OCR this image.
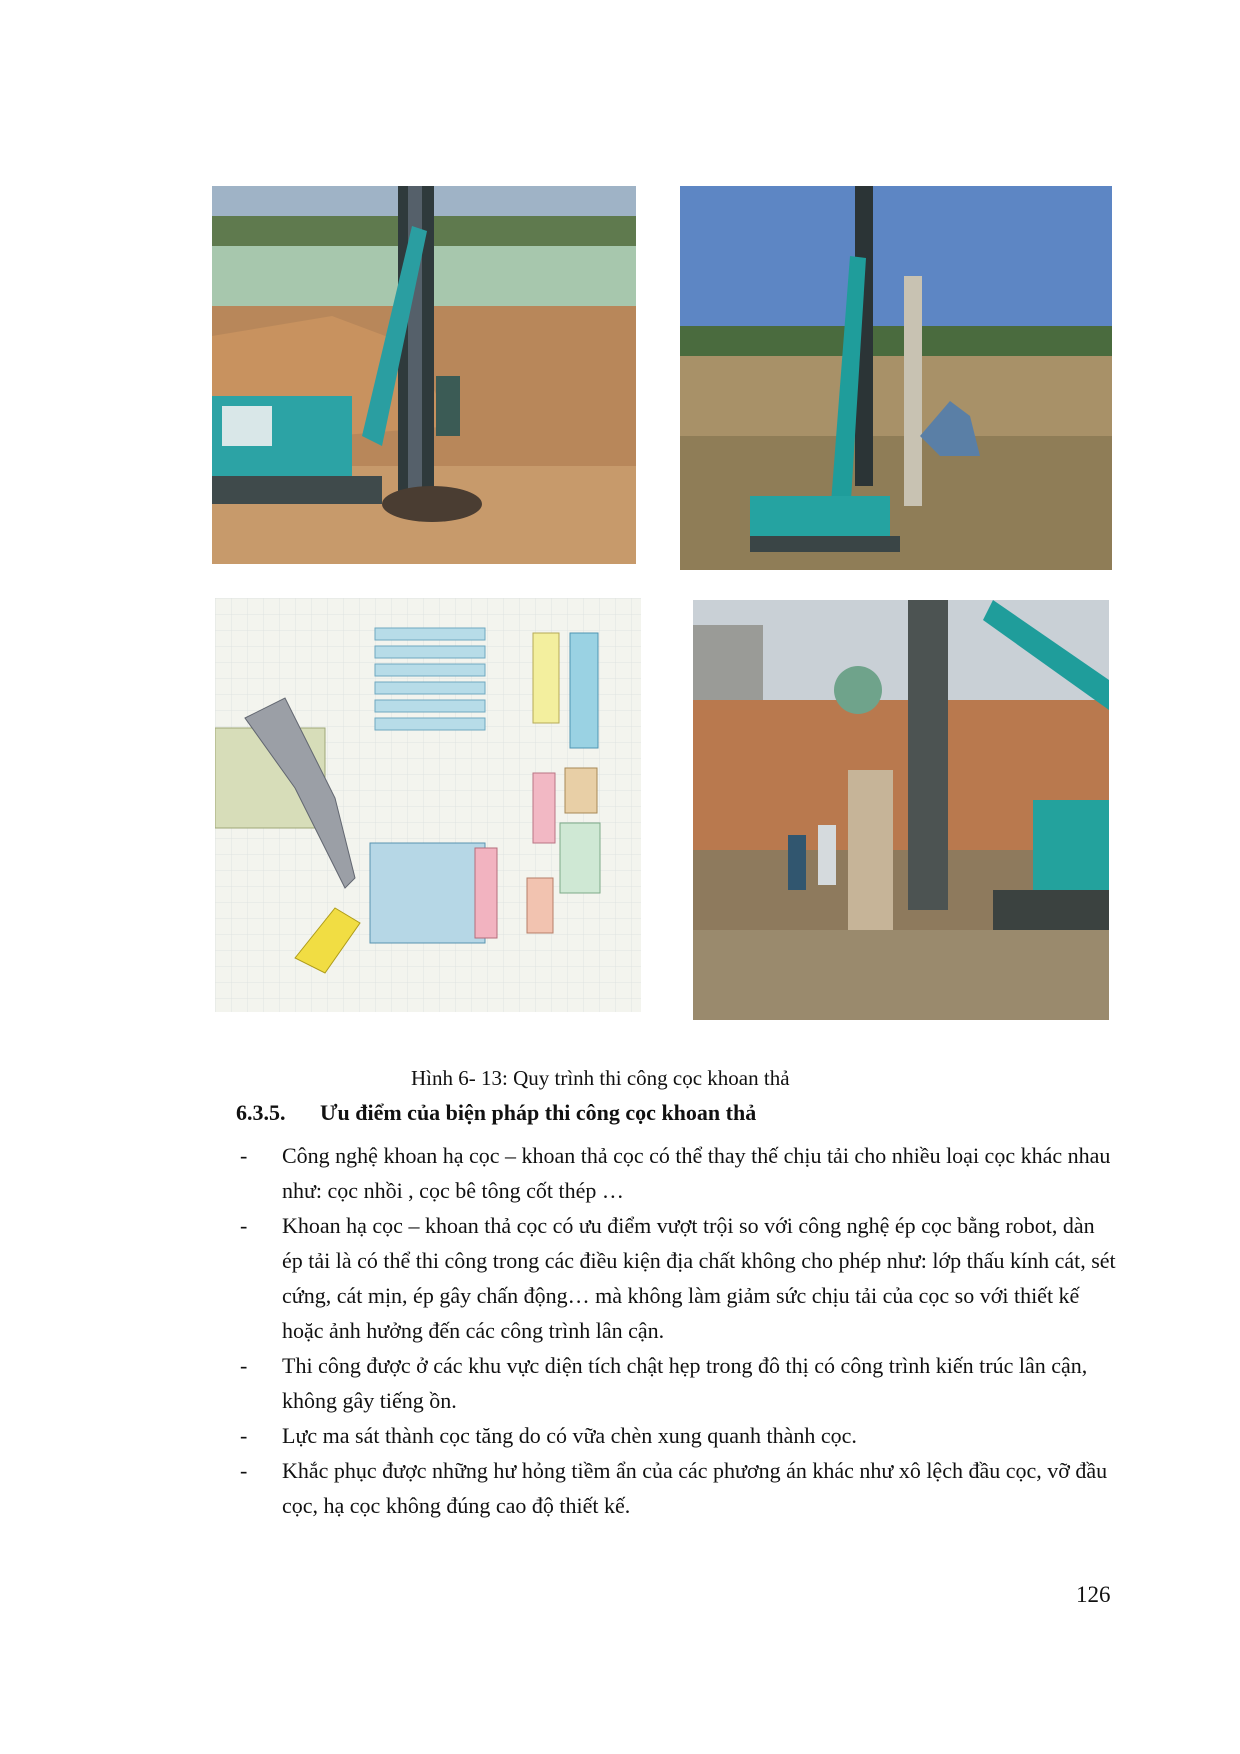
Hình 6- 13: Quy trình thi công cọc khoan thả
6.3.5. Ưu điểm của biện pháp thi công cọc khoan thả
- Công nghệ khoan hạ cọc – khoan thả cọc có thể thay thế chịu tải cho nhiều loại cọc khác nhau như: cọc nhồi , cọc bê tông cốt thép …
- Khoan hạ cọc – khoan thả cọc có ưu điểm vượt trội so với công nghệ ép cọc bằng robot, dàn ép tải là có thể thi công trong các điều kiện địa chất không cho phép như: lớp thấu kính cát, sét cứng, cát mịn, ép gây chấn động… mà không làm giảm sức chịu tải của cọc so với thiết kế hoặc ảnh hưởng đến các công trình lân cận.
- Thi công được ở các khu vực diện tích chật hẹp trong đô thị có công trình kiến trúc lân cận, không gây tiếng ồn.
- Lực ma sát thành cọc tăng do có vữa chèn xung quanh thành cọc.
- Khắc phục được những hư hỏng tiềm ẩn của các phương án khác như xô lệch đầu cọc, vỡ đầu cọc, hạ cọc không đúng cao độ thiết kế.
126
